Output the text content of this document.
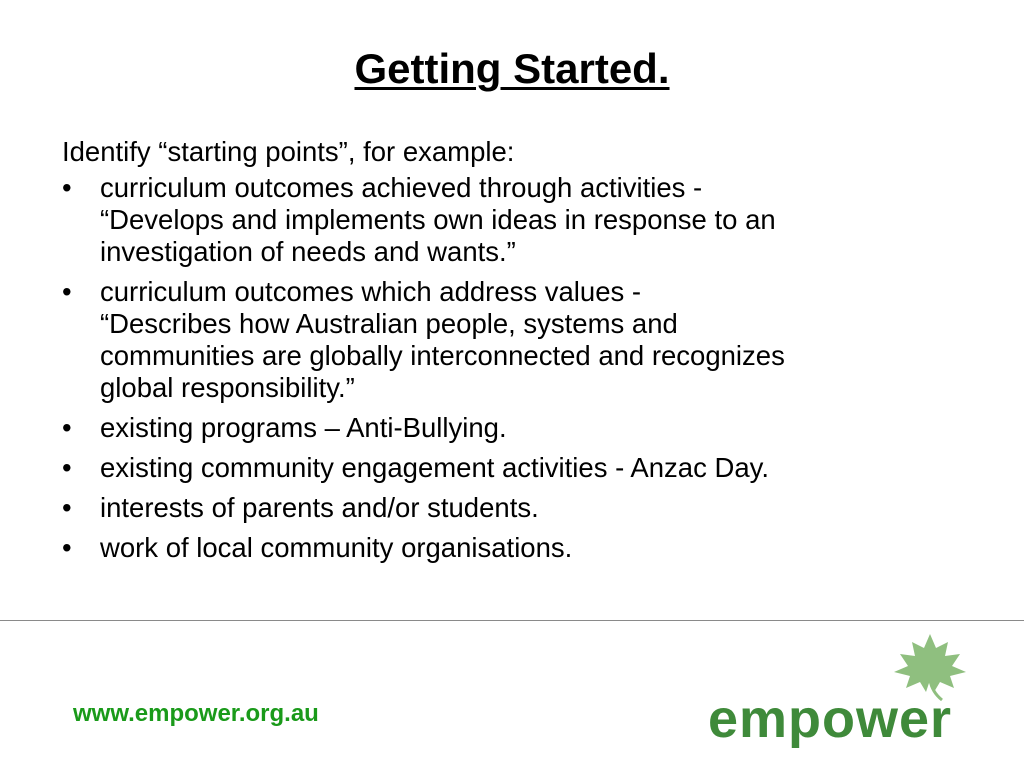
Getting Started.

Identify “starting points”, for example:

• curriculum outcomes achieved through activities -
“Develops and implements own ideas in response to an
investigation of needs and wants.”
• curriculum outcomes which address values -
“Describes how Australian people, systems and
communities are globally interconnected and recognizes
global responsibility.”
• existing programs – Anti-Bullying.
• existing community engagement activities - Anzac Day.
• interests of parents and/or students.
• work of local community organisations.
www.empower.org.au	empower
